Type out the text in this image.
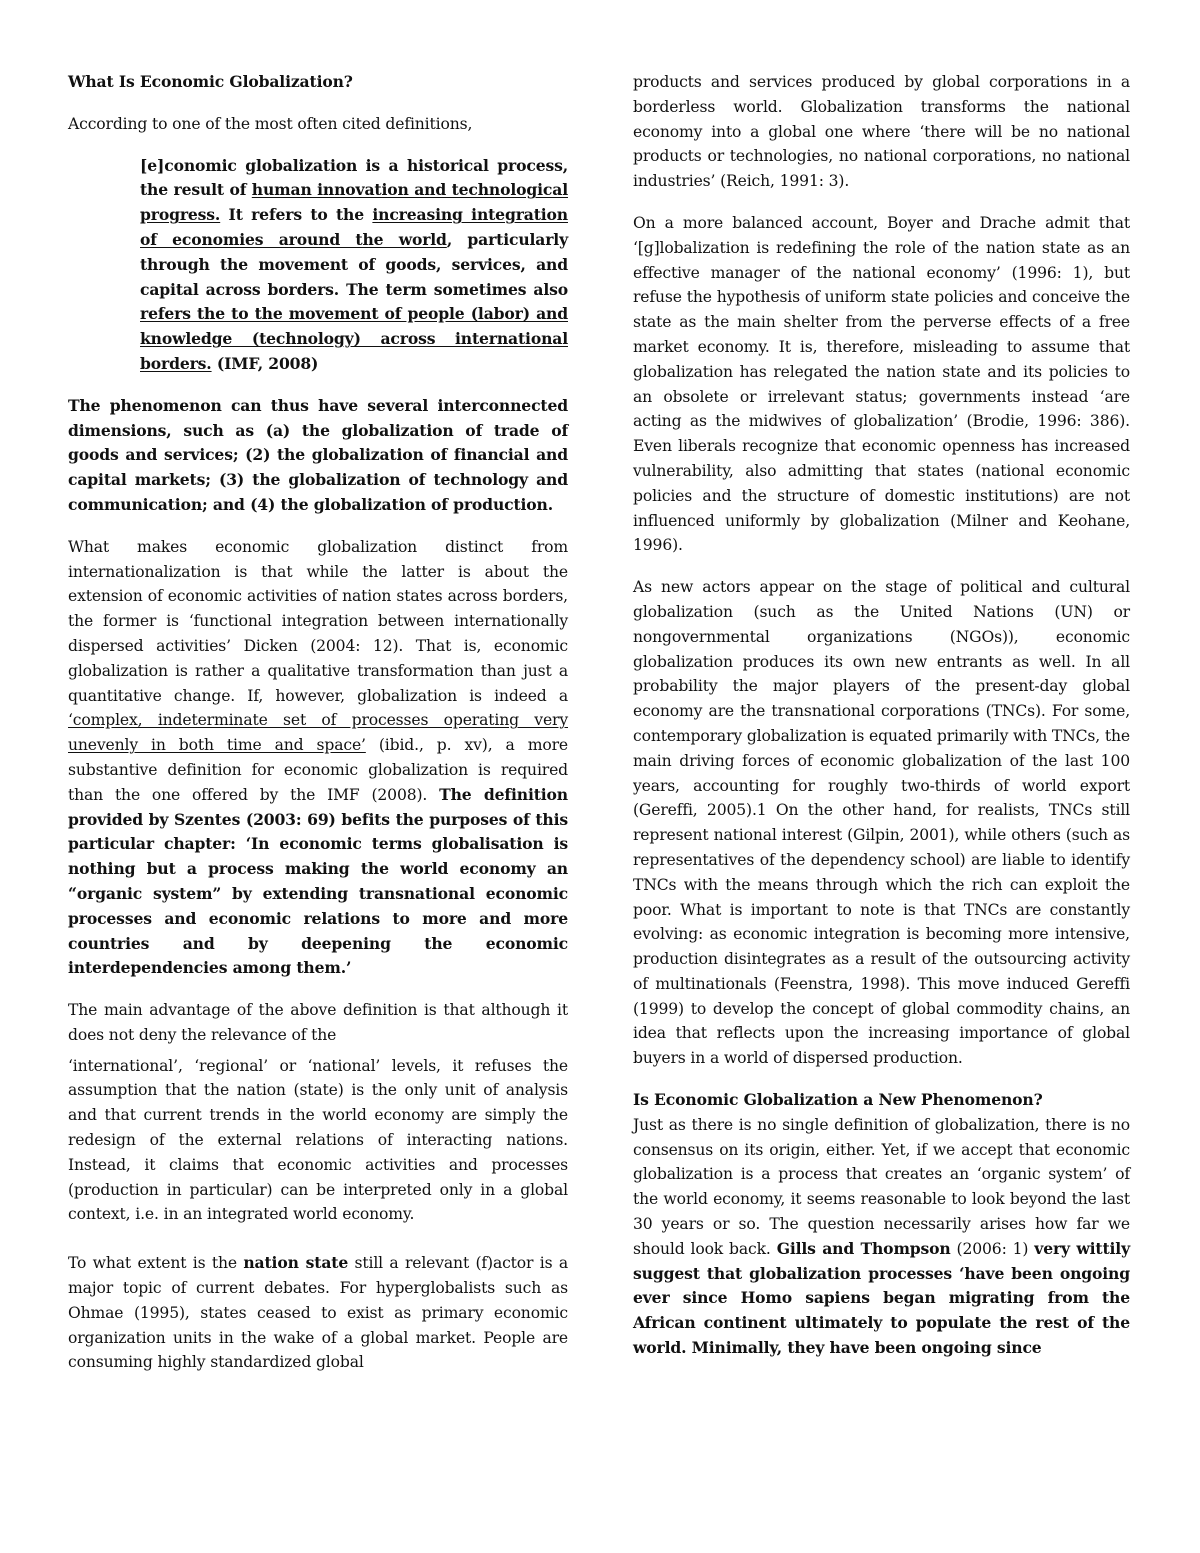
What Is Economic Globalization?

According to one of the most often cited definitions,

[e]conomic globalization is a historical process, the result of human innovation and technological progress. It refers to the increasing integration of economies around the world, particularly through the movement of goods, services, and capital across borders. The term sometimes also refers the to the movement of people (labor) and knowledge (technology) across international borders. (IMF, 2008)

The phenomenon can thus have several interconnected dimensions, such as (a) the globalization of trade of goods and services; (2) the globalization of financial and capital markets; (3) the globalization of technology and communication; and (4) the globalization of production.

What makes economic globalization distinct from internationalization is that while the latter is about the extension of economic activities of nation states across borders, the former is ‘functional integration between internationally dispersed activities’ Dicken (2004: 12). That is, economic globalization is rather a qualitative transformation than just a quantitative change. If, however, globalization is indeed a ‘complex, indeterminate set of processes operating very unevenly in both time and space’ (ibid., p. xv), a more substantive definition for economic globalization is required than the one offered by the IMF (2008). The definition provided by Szentes (2003: 69) befits the purposes of this particular chapter: ‘In economic terms globalisation is nothing but a process making the world economy an “organic system” by extending transnational economic processes and economic relations to more and more countries and by deepening the economic interdependencies among them.’

The main advantage of the above definition is that although it does not deny the relevance of the

‘international’, ‘regional’ or ‘national’ levels, it refuses the assumption that the nation (state) is the only unit of analysis and that current trends in the world economy are simply the redesign of the external relations of interacting nations. Instead, it claims that economic activities and processes (production in particular) can be interpreted only in a global context, i.e. in an integrated world economy.

To what extent is the nation state still a relevant (f)actor is a major topic of current debates. For hyperglobalists such as Ohmae (1995), states ceased to exist as primary economic organization units in the wake of a global market. People are consuming highly standardized global

products and services produced by global corporations in a borderless world. Globalization transforms the national economy into a global one where ‘there will be no national products or technologies, no national corporations, no national industries’ (Reich, 1991: 3).

On a more balanced account, Boyer and Drache admit that ‘[g]lobalization is redefining the role of the nation state as an effective manager of the national economy’ (1996: 1), but refuse the hypothesis of uniform state policies and conceive the state as the main shelter from the perverse effects of a free market economy. It is, therefore, misleading to assume that globalization has relegated the nation state and its policies to an obsolete or irrelevant status; governments instead ‘are acting as the midwives of globalization’ (Brodie, 1996: 386). Even liberals recognize that economic openness has increased vulnerability, also admitting that states (national economic policies and the structure of domestic institutions) are not influenced uniformly by globalization (Milner and Keohane, 1996).

As new actors appear on the stage of political and cultural globalization (such as the United Nations (UN) or nongovernmental organizations (NGOs)), economic globalization produces its own new entrants as well. In all probability the major players of the present-day global economy are the transnational corporations (TNCs). For some, contemporary globalization is equated primarily with TNCs, the main driving forces of economic globalization of the last 100 years, accounting for roughly two-thirds of world export (Gereffi, 2005).1 On the other hand, for realists, TNCs still represent national interest (Gilpin, 2001), while others (such as representatives of the dependency school) are liable to identify TNCs with the means through which the rich can exploit the poor. What is important to note is that TNCs are constantly evolving: as economic integration is becoming more intensive, production disintegrates as a result of the outsourcing activity of multinationals (Feenstra, 1998). This move induced Gereffi (1999) to develop the concept of global commodity chains, an idea that reflects upon the increasing importance of global buyers in a world of dispersed production.

Is Economic Globalization a New Phenomenon?

Just as there is no single definition of globalization, there is no consensus on its origin, either. Yet, if we accept that economic globalization is a process that creates an ‘organic system’ of the world economy, it seems reasonable to look beyond the last 30 years or so. The question necessarily arises how far we should look back. Gills and Thompson (2006: 1) very wittily suggest that globalization processes ‘have been ongoing ever since Homo sapiens began migrating from the African continent ultimately to populate the rest of the world. Minimally, they have been ongoing since
